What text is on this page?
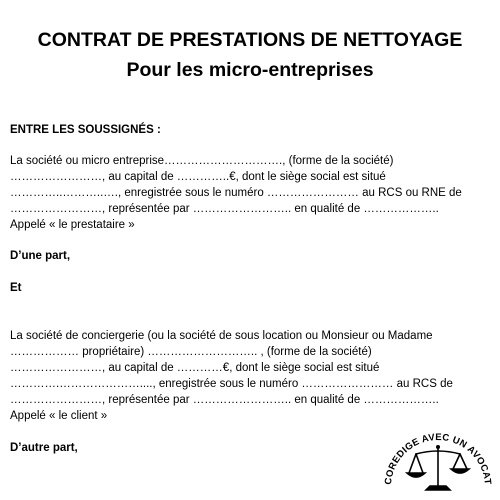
CONTRAT DE PRESTATIONS DE NETTOYAGE
Pour les micro-entreprises
ENTRE LES SOUSSIGNÉS :
La société ou micro entreprise…………………………., (forme de la société)
……………………, au capital de …………..€, dont le siège social est situé
…………..………..…., enregistrée sous le numéro …………………… au RCS ou RNE de
……………………, représentée par …………………….. en qualité de ………………..
Appelé « le prestataire »
D’une part,
Et
La société de conciergerie (ou la société de sous location ou Monsieur ou Madame
……………… propriétaire) ……………………….. , (forme de la société)
……………………, au capital de …………€, dont le siège social est situé
………….…………………...., enregistrée sous le numéro …………………… au RCS de
……………………, représentée par …………………….. en qualité de ………………..
Appelé « le client »
D’autre part,
COREDIGE AVEC UN AVOCAT
